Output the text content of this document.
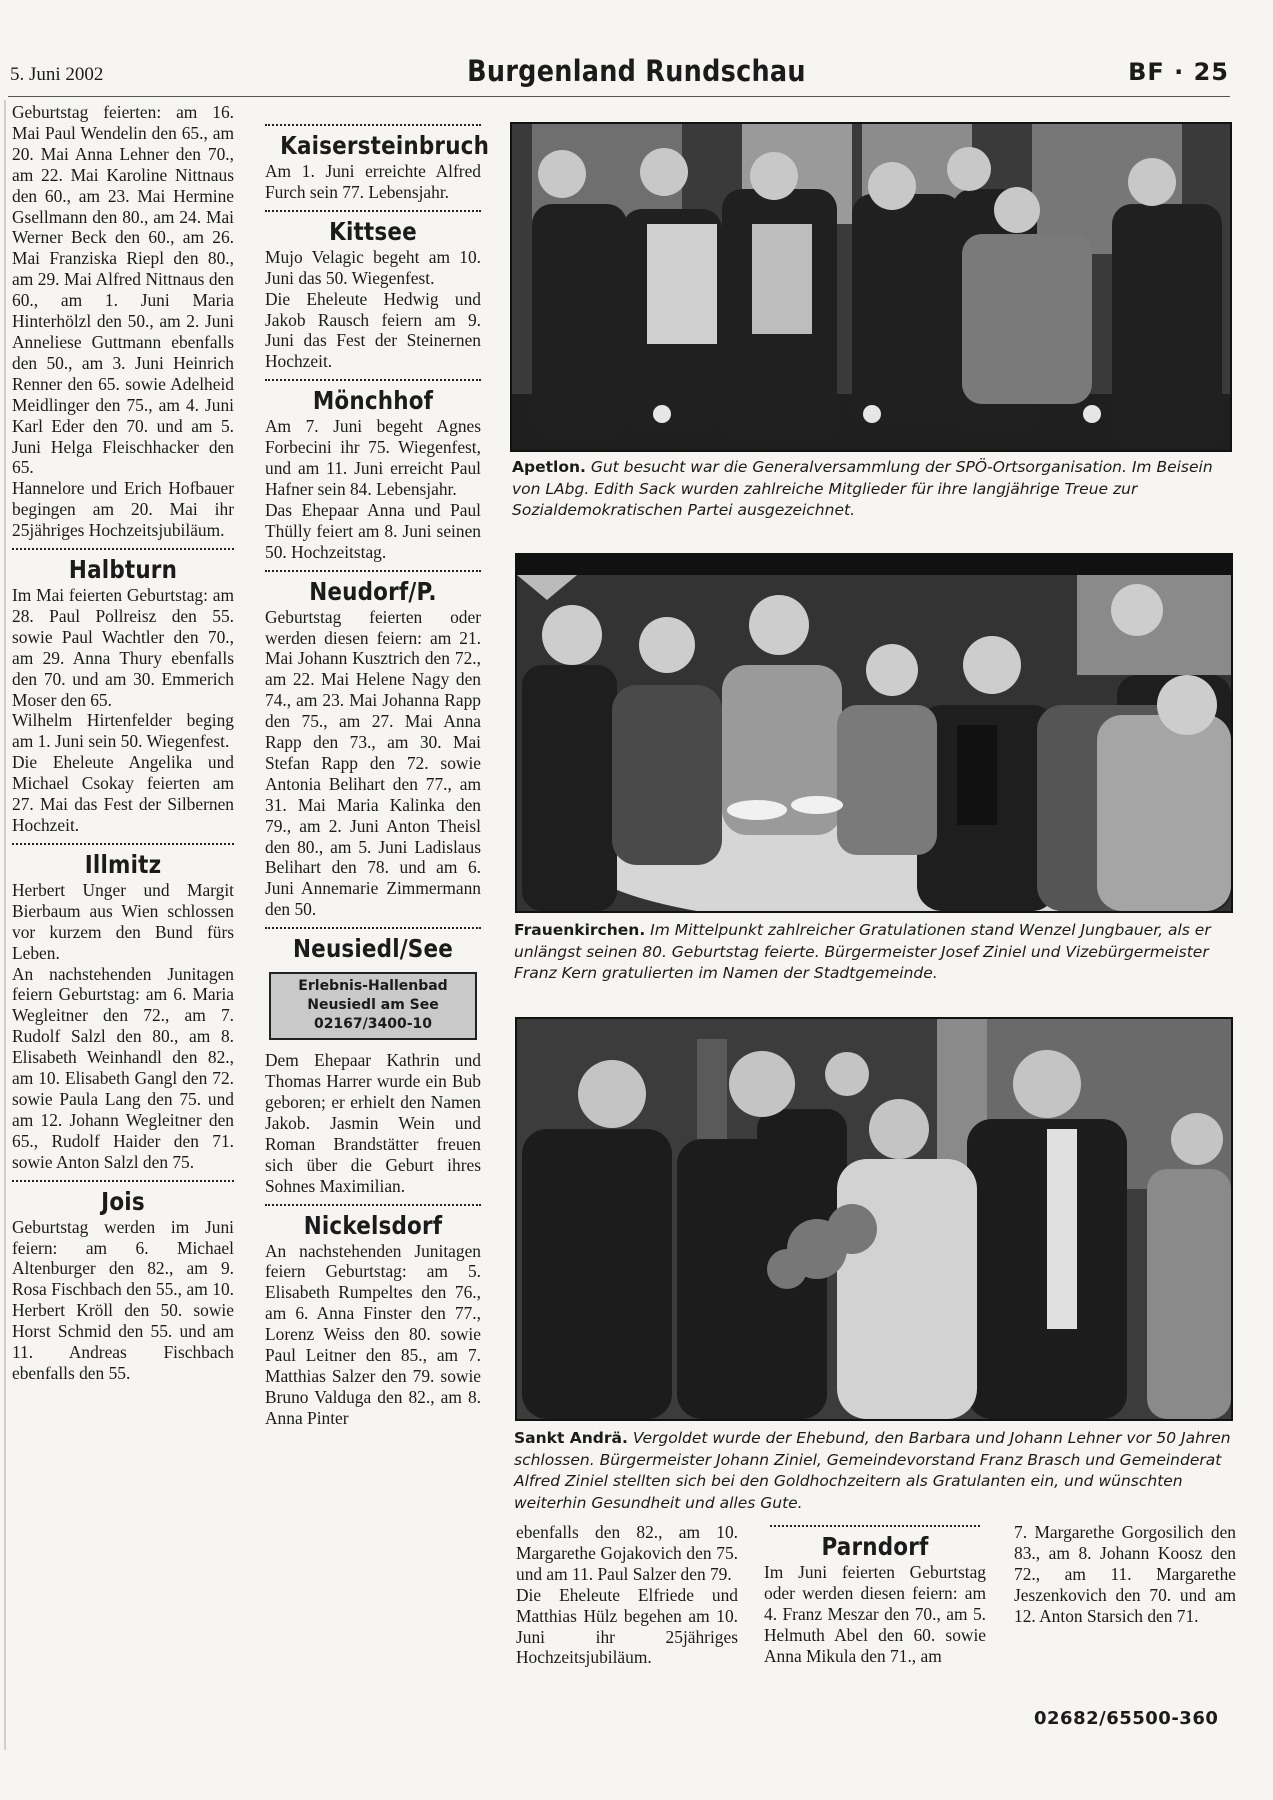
5. Juni 2002	Burgenland Rundschau	BF · 25

Geburtstag feierten: am 16. Mai Paul Wendelin den 65., am 20. Mai Anna Lehner den 70., am 22. Mai Karoline Nittnaus den 60., am 23. Mai Hermine Gsellmann den 80., am 24. Mai Werner Beck den 60., am 26. Mai Franziska Riepl den 80., am 29. Mai Alfred Nittnaus den 60., am 1. Juni Maria Hinterhölzl den 50., am 2. Juni Anneliese Guttmann ebenfalls den 50., am 3. Juni Heinrich Renner den 65. sowie Adelheid Meidlinger den 75., am 4. Juni Karl Eder den 70. und am 5. Juni Helga Fleischhacker den 65.

Hannelore und Erich Hofbauer begingen am 20. Mai ihr 25jähriges Hochzeitsjubiläum.

Halbturn

Im Mai feierten Geburtstag: am 28. Paul Pollreisz den 55. sowie Paul Wachtler den 70., am 29. Anna Thury ebenfalls den 70. und am 30. Emmerich Moser den 65.

Wilhelm Hirtenfelder beging am 1. Juni sein 50. Wiegenfest.

Die Eheleute Angelika und Michael Csokay feierten am 27. Mai das Fest der Silbernen Hochzeit.

Illmitz

Herbert Unger und Margit Bierbaum aus Wien schlossen vor kurzem den Bund fürs Leben.

An nachstehenden Junitagen feiern Geburtstag: am 6. Maria Wegleitner den 72., am 7. Rudolf Salzl den 80., am 8. Elisabeth Weinhandl den 82., am 10. Elisabeth Gangl den 72. sowie Paula Lang den 75. und am 12. Johann Wegleitner den 65., Rudolf Haider den 71. sowie Anton Salzl den 75.

Jois

Geburtstag werden im Juni feiern: am 6. Michael Altenburger den 82., am 9. Rosa Fischbach den 55., am 10. Herbert Kröll den 50. sowie Horst Schmid den 55. und am 11. Andreas Fischbach ebenfalls den 55.

Kaisersteinbruch

Am 1. Juni erreichte Alfred Furch sein 77. Lebensjahr.

Kittsee

Mujo Velagic begeht am 10. Juni das 50. Wiegenfest.

Die Eheleute Hedwig und Jakob Rausch feiern am 9. Juni das Fest der Steinernen Hochzeit.

Mönchhof

Am 7. Juni begeht Agnes Forbecini ihr 75. Wiegenfest, und am 11. Juni erreicht Paul Hafner sein 84. Lebensjahr.

Das Ehepaar Anna und Paul Thülly feiert am 8. Juni seinen 50. Hochzeitstag.

Neudorf/P.

Geburtstag feierten oder werden diesen feiern: am 21. Mai Johann Kusztrich den 72., am 22. Mai Helene Nagy den 74., am 23. Mai Johanna Rapp den 75., am 27. Mai Anna Rapp den 73., am 30. Mai Stefan Rapp den 72. sowie Antonia Belihart den 77., am 31. Mai Maria Kalinka den 79., am 2. Juni Anton Theisl den 80., am 5. Juni Ladislaus Belihart den 78. und am 6. Juni Annemarie Zimmermann den 50.

Neusiedl/See
Erlebnis-Hallenbad
Neusiedl am See
02167/3400-10

Dem Ehepaar Kathrin und Thomas Harrer wurde ein Bub geboren; er erhielt den Namen Jakob. Jasmin Wein und Roman Brandstätter freuen sich über die Geburt ihres Sohnes Maximilian.

Nickelsdorf

An nachstehenden Junitagen feiern Geburtstag: am 5. Elisabeth Rumpeltes den 76., am 6. Anna Finster den 77., Lorenz Weiss den 80. sowie Paul Leitner den 85., am 7. Matthias Salzer den 79. sowie Bruno Valduga den 82., am 8. Anna Pinter

Apetlon. Gut besucht war die Generalversammlung der SPÖ-Ortsorganisation. Im Beisein von LAbg. Edith Sack wurden zahlreiche Mitglieder für ihre langjährige Treue zur Sozialdemokratischen Partei ausgezeichnet.
Frauenkirchen. Im Mittelpunkt zahlreicher Gratulationen stand Wenzel Jungbauer, als er unlängst seinen 80. Geburtstag feierte. Bürgermeister Josef Ziniel und Vizebürgermeister Franz Kern gratulierten im Namen der Stadtgemeinde.
Sankt Andrä. Vergoldet wurde der Ehebund, den Barbara und Johann Lehner vor 50 Jahren schlossen. Bürgermeister Johann Ziniel, Gemeindevorstand Franz Brasch und Gemeinderat Alfred Ziniel stellten sich bei den Goldhochzeitern als Gratulanten ein, und wünschten weiterhin Gesundheit und alles Gute.

ebenfalls den 82., am 10. Margarethe Gojakovich den 75. und am 11. Paul Salzer den 79.

Die Eheleute Elfriede und Matthias Hülz begehen am 10. Juni ihr 25jähriges Hochzeitsjubiläum.

Parndorf

Im Juni feierten Geburtstag oder werden diesen feiern: am 4. Franz Meszar den 70., am 5. Helmuth Abel den 60. sowie Anna Mikula den 71., am

7. Margarethe Gorgosilich den 83., am 8. Johann Koosz den 72., am 11. Margarethe Jeszenkovich den 70. und am 12. Anton Starsich den 71.

02682/65500-360
